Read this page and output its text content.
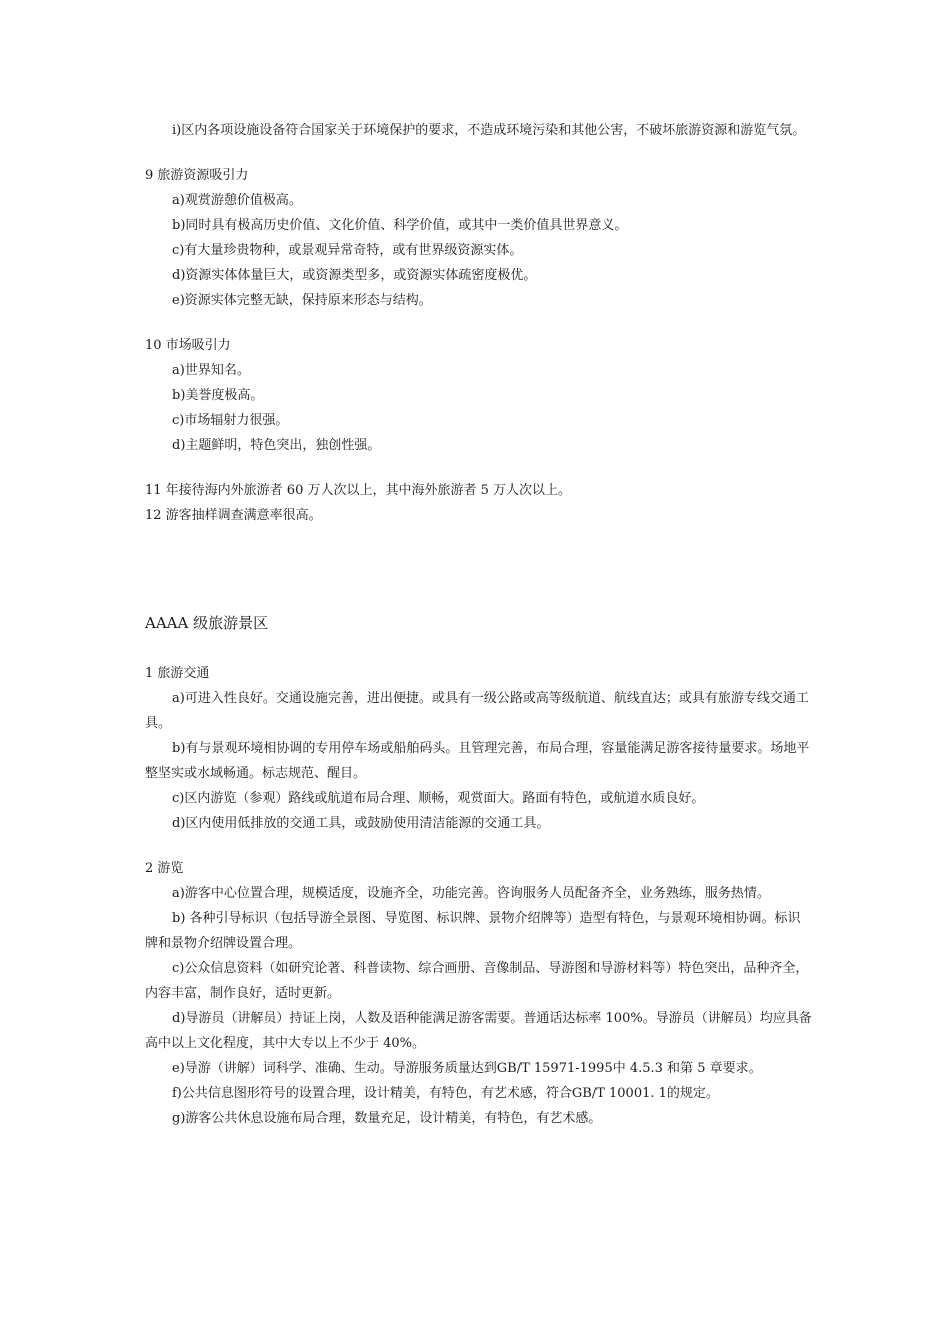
i)区内各项设施设备符合国家关于环境保护的要求，不造成环境污染和其他公害，不破坏旅游资源和游览气氛。

9 旅游资源吸引力

a)观赏游憩价值极高。

b)同时具有极高历史价值、文化价值、科学价值，或其中一类价值具世界意义。

c)有大量珍贵物种，或景观异常奇特，或有世界级资源实体。

d)资源实体体量巨大，或资源类型多，或资源实体疏密度极优。

e)资源实体完整无缺，保持原来形态与结构。

10 市场吸引力

a)世界知名。

b)美誉度极高。

c)市场辐射力很强。

d)主题鲜明，特色突出，独创性强。

11 年接待海内外旅游者 60 万人次以上，其中海外旅游者 5 万人次以上。

12 游客抽样调查满意率很高。

AAAA 级旅游景区

1 旅游交通

a)可进入性良好。交通设施完善，进出便捷。或具有一级公路或高等级航道、航线直达；或具有旅游专线交通工具。

b)有与景观环境相协调的专用停车场或船舶码头。且管理完善，布局合理，容量能满足游客接待量要求。场地平整坚实或水域畅通。标志规范、醒目。

c)区内游览（参观）路线或航道布局合理、顺畅，观赏面大。路面有特色，或航道水质良好。

d)区内使用低排放的交通工具，或鼓励使用清洁能源的交通工具。

2 游览

a)游客中心位置合理，规模适度，设施齐全，功能完善。咨询服务人员配备齐全，业务熟练，服务热情。

b) 各种引导标识（包括导游全景图、导览图、标识牌、景物介绍牌等）造型有特色，与景观环境相协调。标识牌和景物介绍牌设置合理。

c)公众信息资料（如研究论著、科普读物、综合画册、音像制品、导游图和导游材料等）特色突出，品种齐全，内容丰富，制作良好，适时更新。

d)导游员（讲解员）持证上岗，人数及语种能满足游客需要。普通话达标率 100%。导游员（讲解员）均应具备高中以上文化程度，其中大专以上不少于 40%。

e)导游（讲解）词科学、准确、生动。导游服务质量达到GB/T 15971-1995中 4.5.3 和第 5 章要求。

f)公共信息图形符号的设置合理，设计精美，有特色，有艺术感，符合GB/T 10001. 1的规定。

g)游客公共休息设施布局合理，数量充足，设计精美，有特色，有艺术感。
